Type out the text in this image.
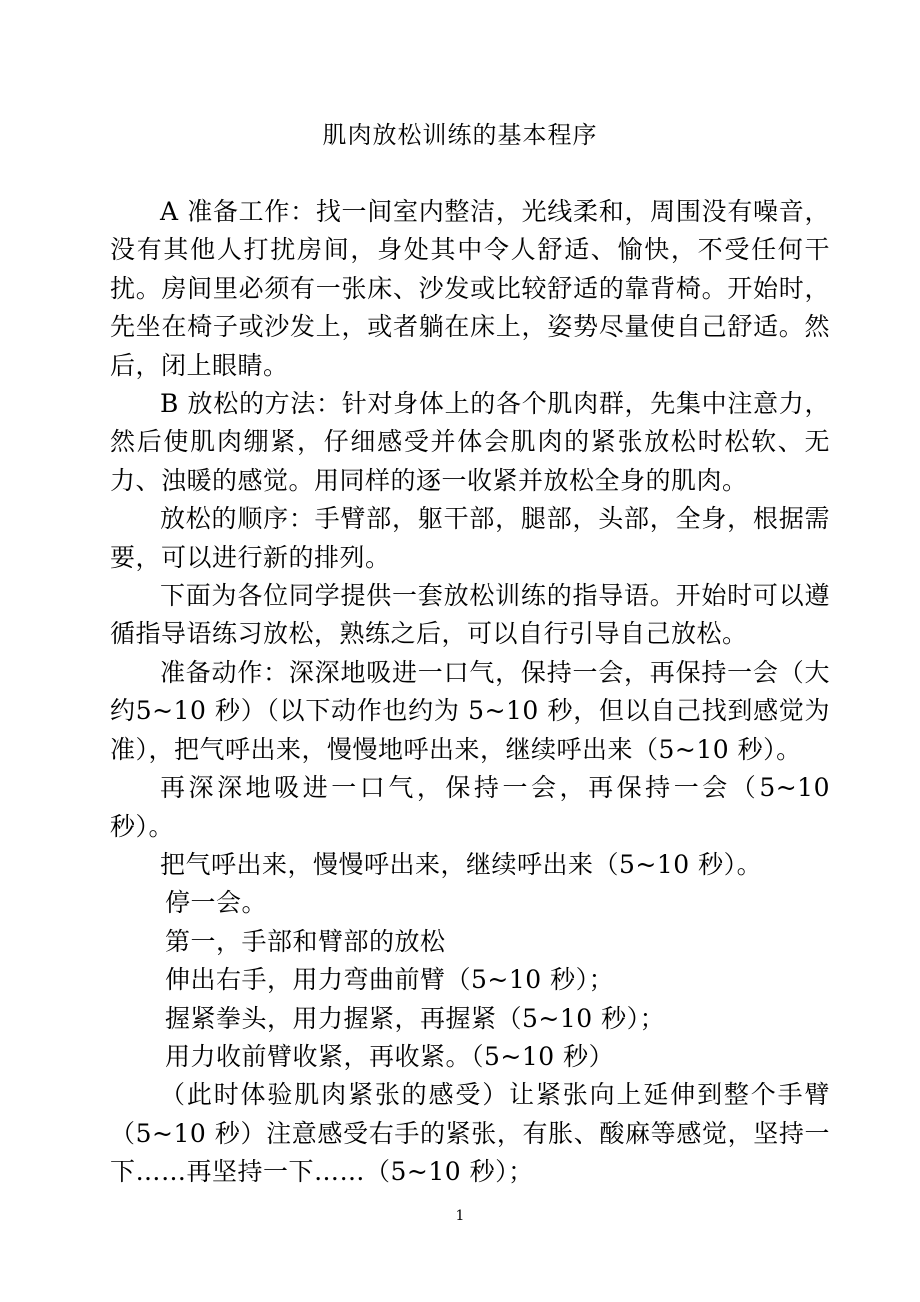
肌肉放松训练的基本程序

A 准备工作：找一间室内整洁，光线柔和，周围没有噪音，没有其他人打扰房间，身处其中令人舒适、愉快，不受任何干扰。房间里必须有一张床、沙发或比较舒适的靠背椅。开始时，先坐在椅子或沙发上，或者躺在床上，姿势尽量使自己舒适。然后，闭上眼睛。

B 放松的方法：针对身体上的各个肌肉群，先集中注意力，然后使肌肉绷紧，仔细感受并体会肌肉的紧张放松时松软、无力、浊暖的感觉。用同样的逐一收紧并放松全身的肌肉。

放松的顺序：手臂部，躯干部，腿部，头部，全身，根据需要，可以进行新的排列。

下面为各位同学提供一套放松训练的指导语。开始时可以遵循指导语练习放松，熟练之后，可以自行引导自己放松。

准备动作：深深地吸进一口气，保持一会，再保持一会（大约5~10 秒）（以下动作也约为 5~10 秒，但以自己找到感觉为准），把气呼出来，慢慢地呼出来，继续呼出来（5~10 秒）。

再深深地吸进一口气，保持一会，再保持一会（5~10 秒）。

把气呼出来，慢慢呼出来，继续呼出来（5~10 秒）。

停一会。

第一，手部和臂部的放松

伸出右手，用力弯曲前臂（5~10 秒）；

握紧拳头，用力握紧，再握紧（5~10 秒）；

用力收前臂收紧，再收紧。（5~10 秒）

（此时体验肌肉紧张的感受）让紧张向上延伸到整个手臂（5~10 秒）注意感受右手的紧张，有胀、酸麻等感觉，坚持一下……再坚持一下……（5~10 秒）；

1
